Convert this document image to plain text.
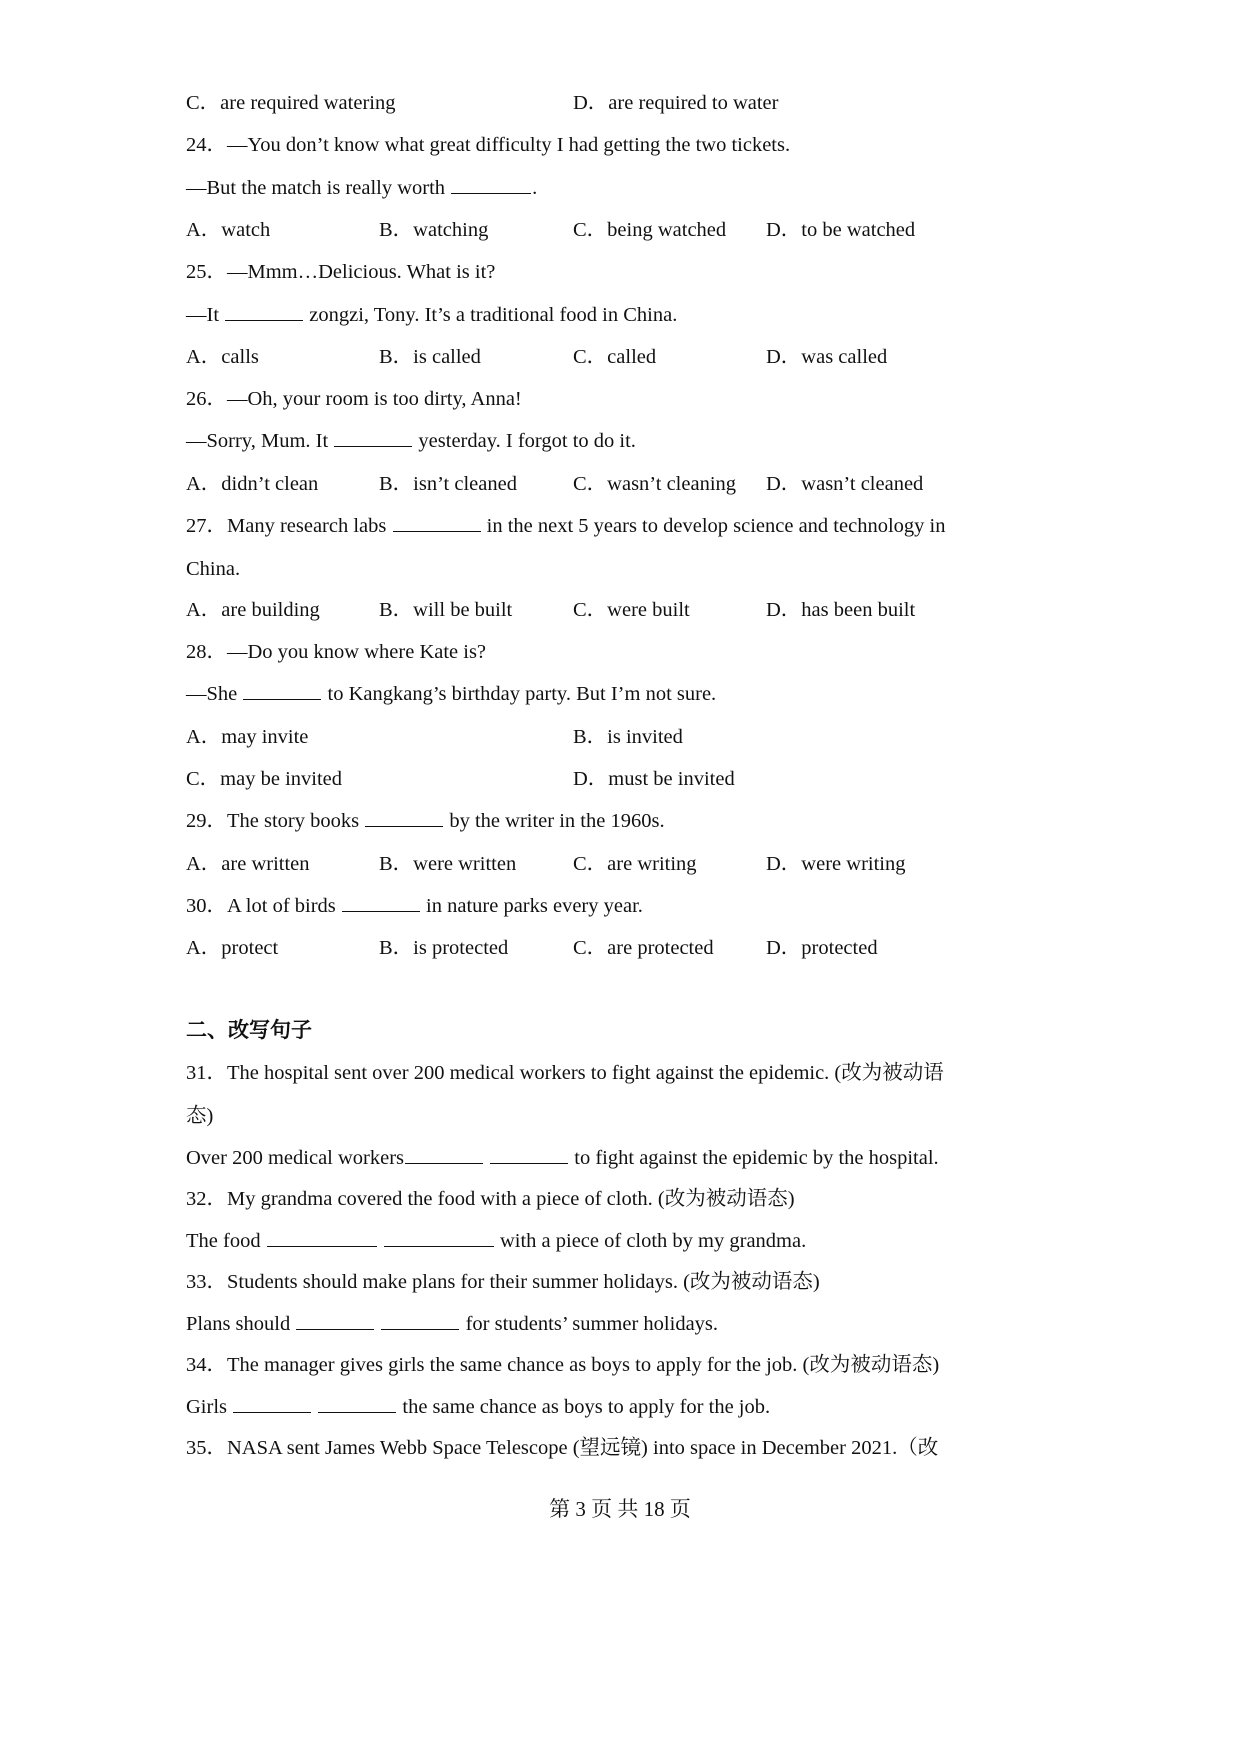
C．are required watering	D．are required to water
24．—You don’t know what great difficulty I had getting the two tickets.
—But the match is really worth	.
A．watch	B．watching	C．being watched D．to be watched
25．—Mmm…Delicious. What is it?
—It	zongzi, Tony. It’s a traditional food in China.
A．calls	B．is called	C．called	D．was called
26．—Oh, your room is too dirty, Anna!
—Sorry, Mum. It	yesterday. I forgot to do it.
A．didn’t clean	B．isn’t cleaned	C．wasn’t cleaning D．wasn’t cleaned
27．Many research labs	in the next 5 years to develop science and technology in
China.
A．are building	B．will be built	C．were built	D．has been built
28．—Do you know where Kate is?
—She	to Kangkang’s birthday party. But I’m not sure.
A．may invite	B．is invited
C．may be invited	D．must be invited
29．The story books	by the writer in the 1960s.
A．are written	B．were written	C．are writing	D．were writing
30．A lot of birds	in nature parks every year.
A．protect	B．is protected	C．are protected	D．protected
二、改写句子
31．The hospital sent over 200 medical workers to fight against the epidemic. (改为被动语
态)
Over 200 medical workers	to fight against the epidemic by the hospital.
32．My grandma covered the food with a piece of cloth. (改为被动语态)
The food	with a piece of cloth by my grandma.
33．Students should make plans for their summer holidays. (改为被动语态)
Plans should	for students’ summer holidays.
34．The manager gives girls the same chance as boys to apply for the job. (改为被动语态)
Girls	the same chance as boys to apply for the job.
35．NASA sent James Webb Space Telescope (望远镜) into space in December 2021.（改
第 3 页 共 18 页
